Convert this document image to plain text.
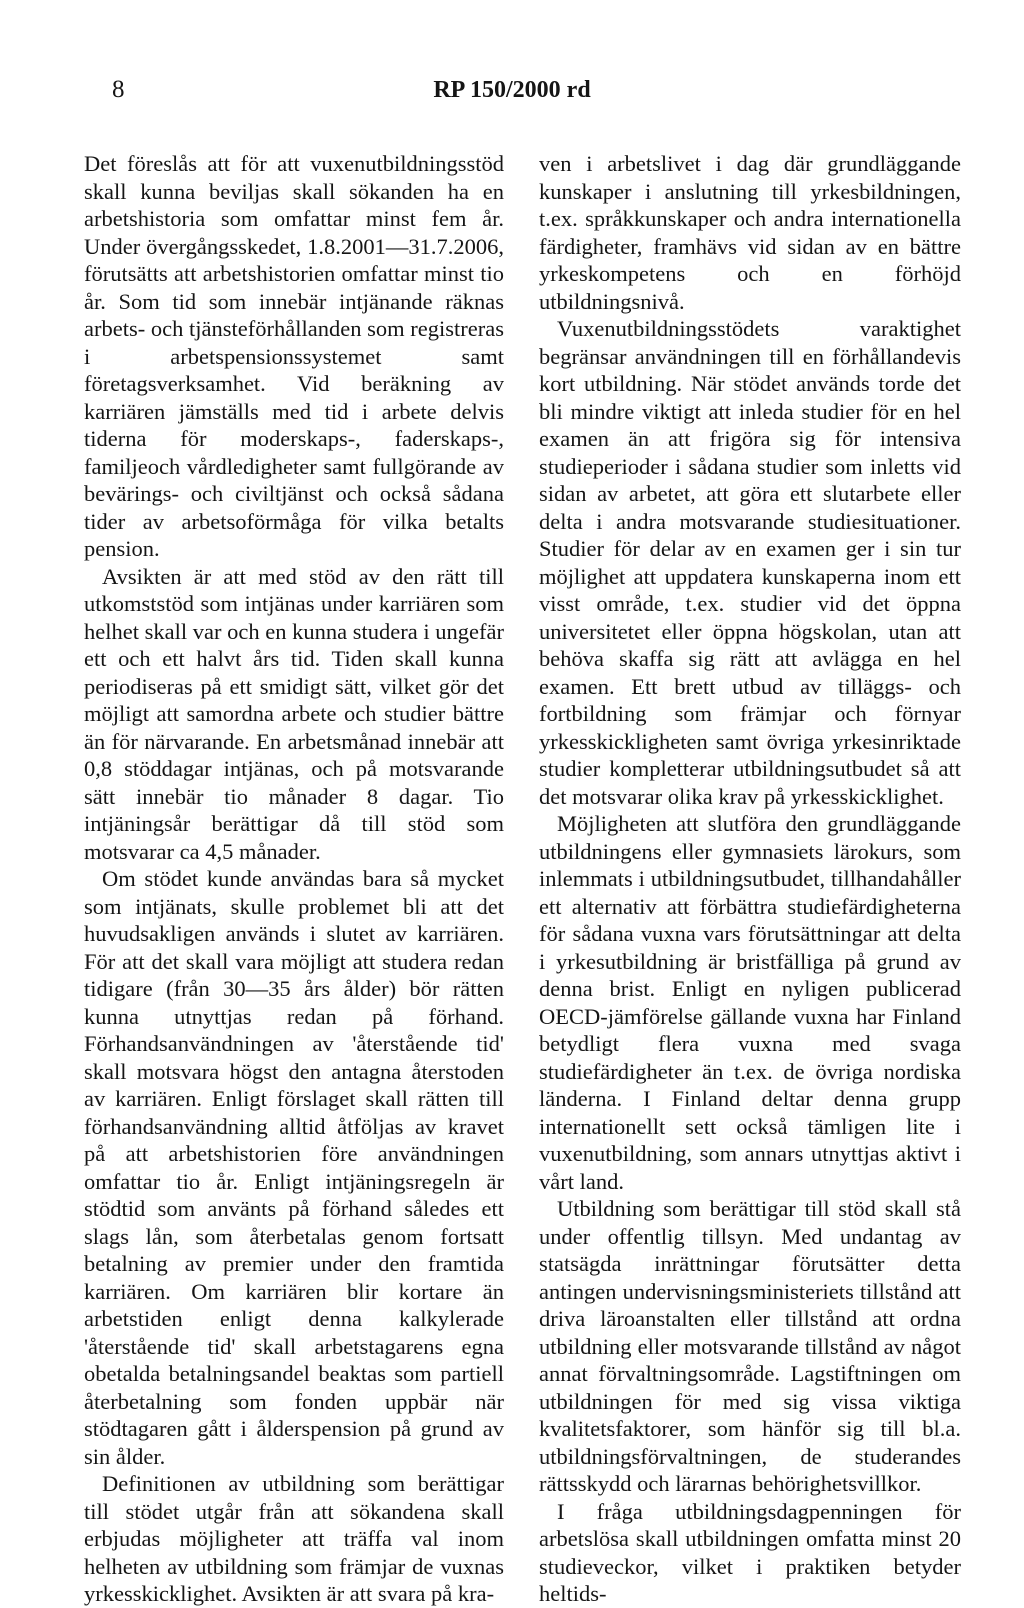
8	RP 150/2000 rd

Det föreslås att för att vuxenutbildningsstöd skall kunna beviljas skall sökanden ha en arbetshistoria som omfattar minst fem år. Under övergångsskedet, 1.8.2001—31.7.2006, förutsätts att arbetshistorien omfattar minst tio år. Som tid som innebär intjänande räknas arbets- och tjänsteförhållanden som registreras i arbetspensionssystemet samt företagsverksamhet. Vid beräkning av karriären jämställs med tid i arbete delvis tiderna för moderskaps-, faderskaps-, familjeoch vårdledigheter samt fullgörande av bevärings- och civiltjänst och också sådana tider av arbetsoförmåga för vilka betalts pension.

Avsikten är att med stöd av den rätt till utkomststöd som intjänas under karriären som helhet skall var och en kunna studera i ungefär ett och ett halvt års tid. Tiden skall kunna periodiseras på ett smidigt sätt, vilket gör det möjligt att samordna arbete och studier bättre än för närvarande. En arbetsmånad innebär att 0,8 stöddagar intjänas, och på motsvarande sätt innebär tio månader 8 dagar. Tio intjäningsår berättigar då till stöd som motsvarar ca 4,5 månader.

Om stödet kunde användas bara så mycket som intjänats, skulle problemet bli att det huvudsakligen används i slutet av karriären. För att det skall vara möjligt att studera redan tidigare (från 30—35 års ålder) bör rätten kunna utnyttjas redan på förhand. Förhandsanvändningen av 'återstående tid' skall motsvara högst den antagna återstoden av karriären. Enligt förslaget skall rätten till förhandsanvändning alltid åtföljas av kravet på att arbetshistorien före användningen omfattar tio år. Enligt intjäningsregeln är stödtid som använts på förhand således ett slags lån, som återbetalas genom fortsatt betalning av premier under den framtida karriären. Om karriären blir kortare än arbetstiden enligt denna kalkylerade 'återstående tid' skall arbetstagarens egna obetalda betalningsandel beaktas som partiell återbetalning som fonden uppbär när stödtagaren gått i ålderspension på grund av sin ålder.

Definitionen av utbildning som berättigar till stödet utgår från att sökandena skall erbjudas möjligheter att träffa val inom helheten av utbildning som främjar de vuxnas yrkesskicklighet. Avsikten är att svara på kra-

ven i arbetslivet i dag där grundläggande kunskaper i anslutning till yrkesbildningen, t.ex. språkkunskaper och andra internationella färdigheter, framhävs vid sidan av en bättre yrkeskompetens och en förhöjd utbildningsnivå.

Vuxenutbildningsstödets varaktighet begränsar användningen till en förhållandevis kort utbildning. När stödet används torde det bli mindre viktigt att inleda studier för en hel examen än att frigöra sig för intensiva studieperioder i sådana studier som inletts vid sidan av arbetet, att göra ett slutarbete eller delta i andra motsvarande studiesituationer. Studier för delar av en examen ger i sin tur möjlighet att uppdatera kunskaperna inom ett visst område, t.ex. studier vid det öppna universitetet eller öppna högskolan, utan att behöva skaffa sig rätt att avlägga en hel examen. Ett brett utbud av tilläggs- och fortbildning som främjar och förnyar yrkesskickligheten samt övriga yrkesinriktade studier kompletterar utbildningsutbudet så att det motsvarar olika krav på yrkesskicklighet.

Möjligheten att slutföra den grundläggande utbildningens eller gymnasiets lärokurs, som inlemmats i utbildningsutbudet, tillhandahåller ett alternativ att förbättra studiefärdigheterna för sådana vuxna vars förutsättningar att delta i yrkesutbildning är bristfälliga på grund av denna brist. Enligt en nyligen publicerad OECD-jämförelse gällande vuxna har Finland betydligt flera vuxna med svaga studiefärdigheter än t.ex. de övriga nordiska länderna. I Finland deltar denna grupp internationellt sett också tämligen lite i vuxenutbildning, som annars utnyttjas aktivt i vårt land.

Utbildning som berättigar till stöd skall stå under offentlig tillsyn. Med undantag av statsägda inrättningar förutsätter detta antingen undervisningsministeriets tillstånd att driva läroanstalten eller tillstånd att ordna utbildning eller motsvarande tillstånd av något annat förvaltningsområde. Lagstiftningen om utbildningen för med sig vissa viktiga kvalitetsfaktorer, som hänför sig till bl.a. utbildningsförvaltningen, de studerandes rättsskydd och lärarnas behörighetsvillkor.

I fråga utbildningsdagpenningen för arbetslösa skall utbildningen omfatta minst 20 studieveckor, vilket i praktiken betyder heltids-
